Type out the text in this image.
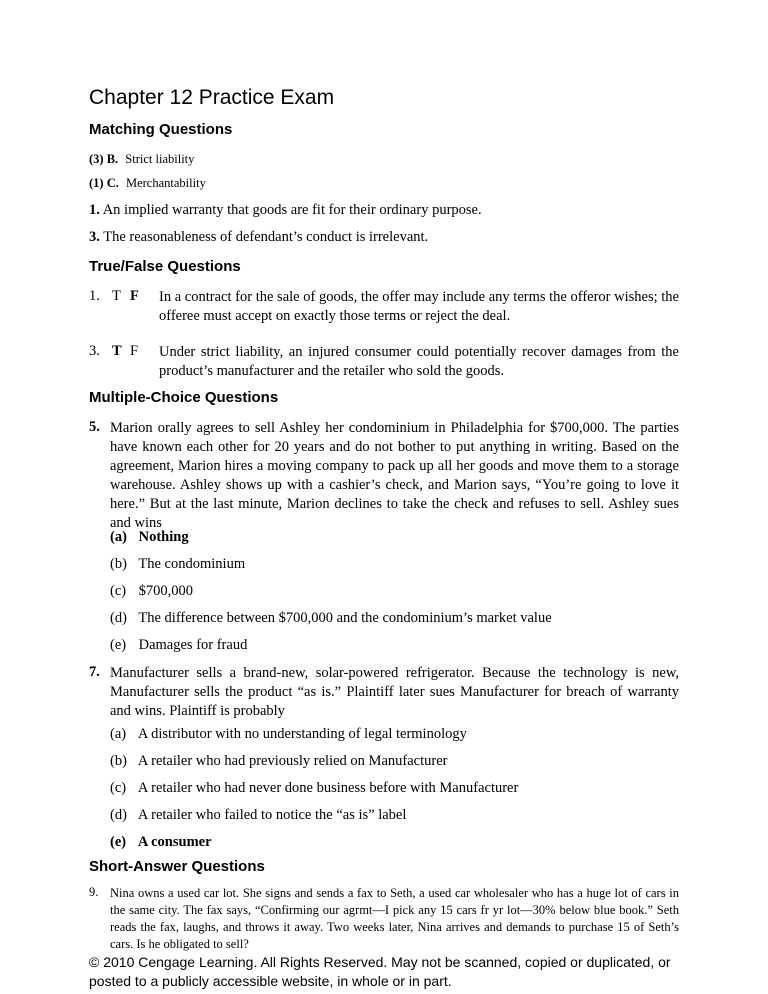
Chapter 12 Practice Exam
Matching Questions
(3) B. Strict liability
(1) C. Merchantability
1. An implied warranty that goods are fit for their ordinary purpose.
3. The reasonableness of defendant’s conduct is irrelevant.
True/False Questions
1. T F In a contract for the sale of goods, the offer may include any terms the offeror wishes; the offeree must accept on exactly those terms or reject the deal.
3. T F Under strict liability, an injured consumer could potentially recover damages from the product’s manufacturer and the retailer who sold the goods.
Multiple-Choice Questions
5. Marion orally agrees to sell Ashley her condominium in Philadelphia for $700,000. The parties have known each other for 20 years and do not bother to put anything in writing. Based on the agreement, Marion hires a moving company to pack up all her goods and move them to a storage warehouse. Ashley shows up with a cashier’s check, and Marion says, “You’re going to love it here.” But at the last minute, Marion declines to take the check and refuses to sell. Ashley sues and wins
(a) Nothing
(b) The condominium
(c) $700,000
(d) The difference between $700,000 and the condominium’s market value
(e) Damages for fraud
7. Manufacturer sells a brand-new, solar-powered refrigerator. Because the technology is new, Manufacturer sells the product “as is.” Plaintiff later sues Manufacturer for breach of warranty and wins. Plaintiff is probably
(a) A distributor with no understanding of legal terminology
(b) A retailer who had previously relied on Manufacturer
(c) A retailer who had never done business before with Manufacturer
(d) A retailer who failed to notice the “as is” label
(e) A consumer
Short-Answer Questions
9. Nina owns a used car lot. She signs and sends a fax to Seth, a used car wholesaler who has a huge lot of cars in the same city. The fax says, “Confirming our agrmt—I pick any 15 cars fr yr lot—30% below blue book.” Seth reads the fax, laughs, and throws it away. Two weeks later, Nina arrives and demands to purchase 15 of Seth’s cars. Is he obligated to sell?
© 2010 Cengage Learning. All Rights Reserved. May not be scanned, copied or duplicated, or posted to a publicly accessible website, in whole or in part.
